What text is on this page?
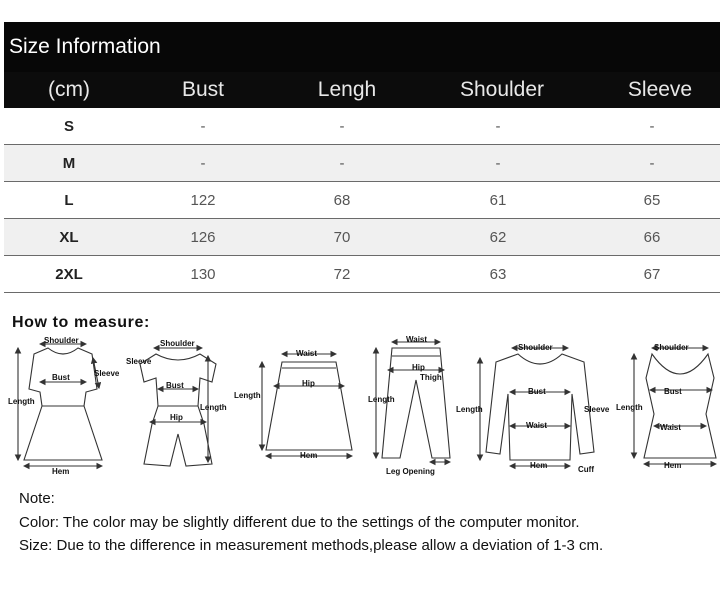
Size Information
(cm)	Bust	Lengh	Shoulder	Sleeve
S	-	-	-	-
M	-	-	-	-
L	122	68	61	65
XL	126	70	62	66
2XL	130	72	63	67
How to measure:
Shoulder
Sleeve
Bust
Length
Hem
Sleeve
Shoulder
Bust
Hip
Length
Waist
Hip
Length
Hem
Waist
Hip
Thigh
Length
Leg Opening
Shoulder
Bust
Waist
Length
Hem	Cuff
Sleeve
Shoulder
Bust
Waist
Length
Hem
Note:
Color: The color may be slightly different due to the settings of the computer monitor.
Size: Due to the difference in measurement methods,please allow a deviation of 1-3 cm.
